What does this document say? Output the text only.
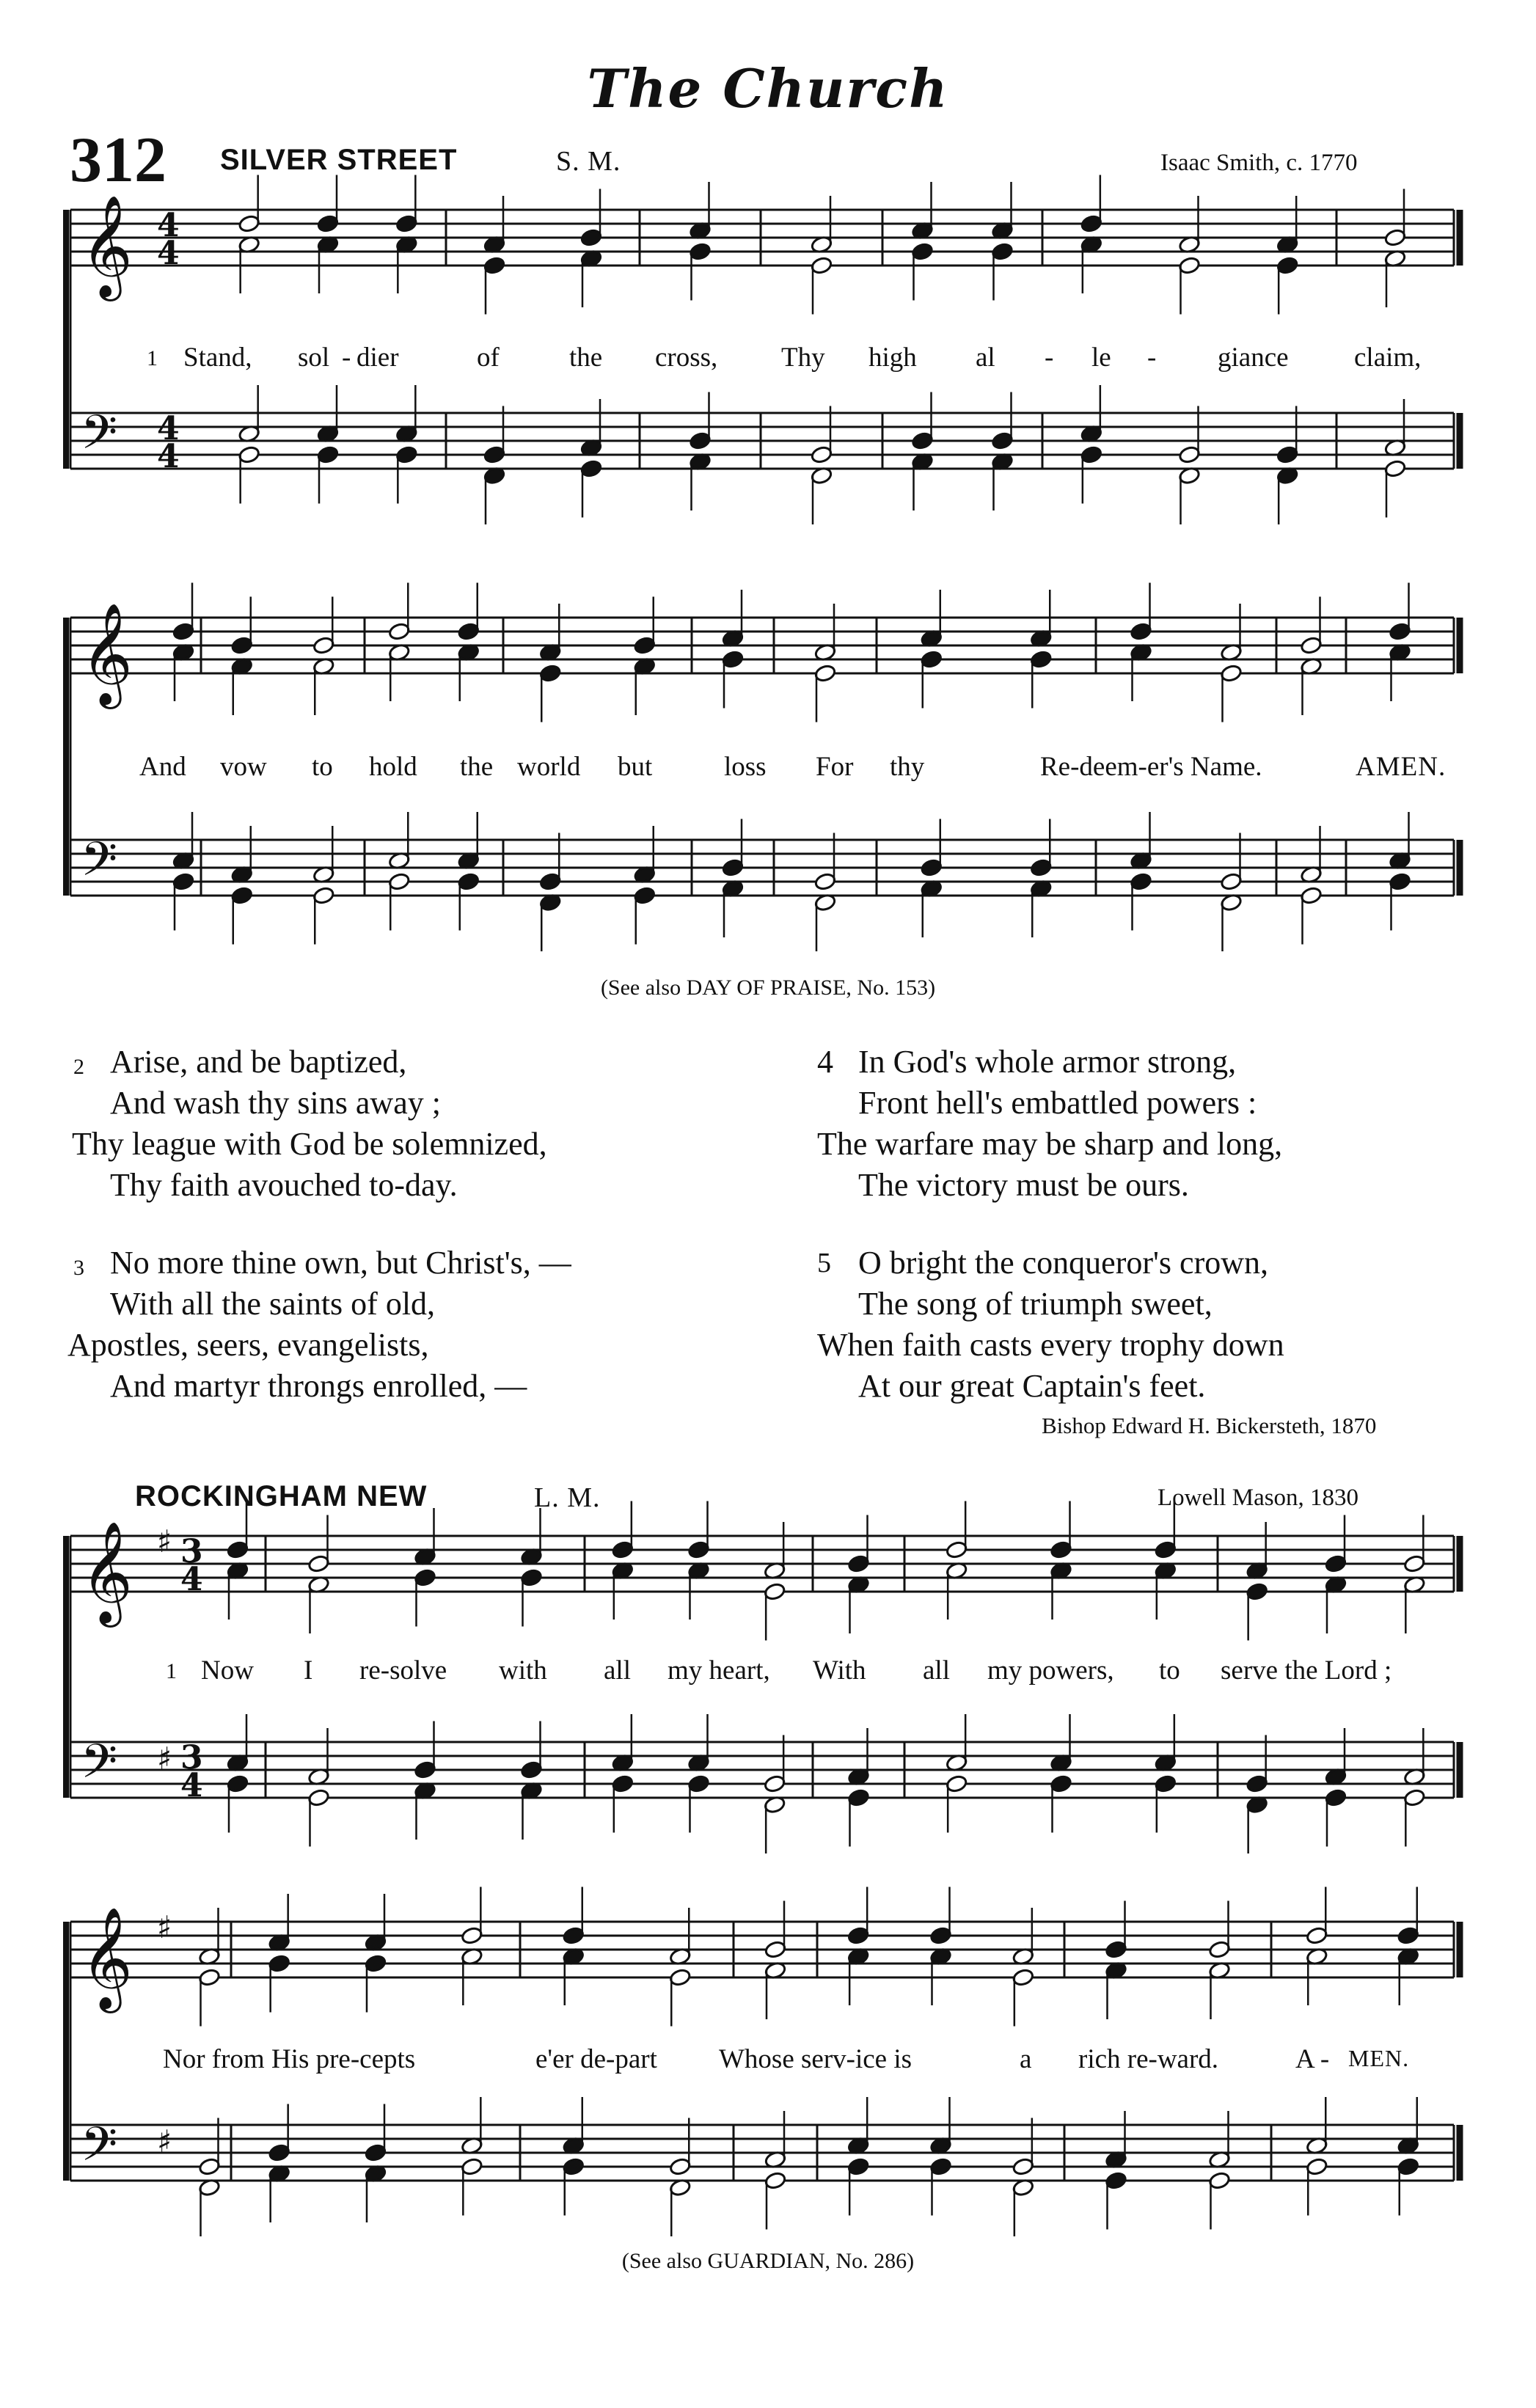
The Church
312 SILVER STREET	S. M.	Isaac Smith, c. 1770
𝄞 4
4
𝄢 4
4
𝄞
𝄢
𝄞 ♯ 3
4
𝄢 ♯ 3
4
𝄞 ♯
𝄢 ♯
1 Stand, sol - dier	of	the cross, Thy high al - le - giance claim,
And vow to hold the world but	loss For thy	Re-deem-er's Name.	AMEN.
(See also DAY OF PRAISE, No. 153)
2 Arise, and be baptized,
And wash thy sins away ;
Thy league with God be solemnized,
Thy faith avouched to-day.
3 No more thine own, but Christ's, —
With all the saints of old,
Apostles, seers, evangelists,
And martyr throngs enrolled, —
4 In God's whole armor strong,
Front hell's embattled powers :
The warfare may be sharp and long,
The victory must be ours.
5 O bright the conqueror's crown,
The song of triumph sweet,
When faith casts every trophy down
At our great Captain's feet.
Bishop Edward H. Bickersteth, 1870
ROCKINGHAM NEW	L. M.	Lowell Mason, 1830
1 Now I re-solve with all my heart, With all my powers, to serve the Lord ;
Nor from His pre-cepts	e'er de-part Whose serv-ice is	a rich re-ward.	A - MEN.
(See also GUARDIAN, No. 286)
